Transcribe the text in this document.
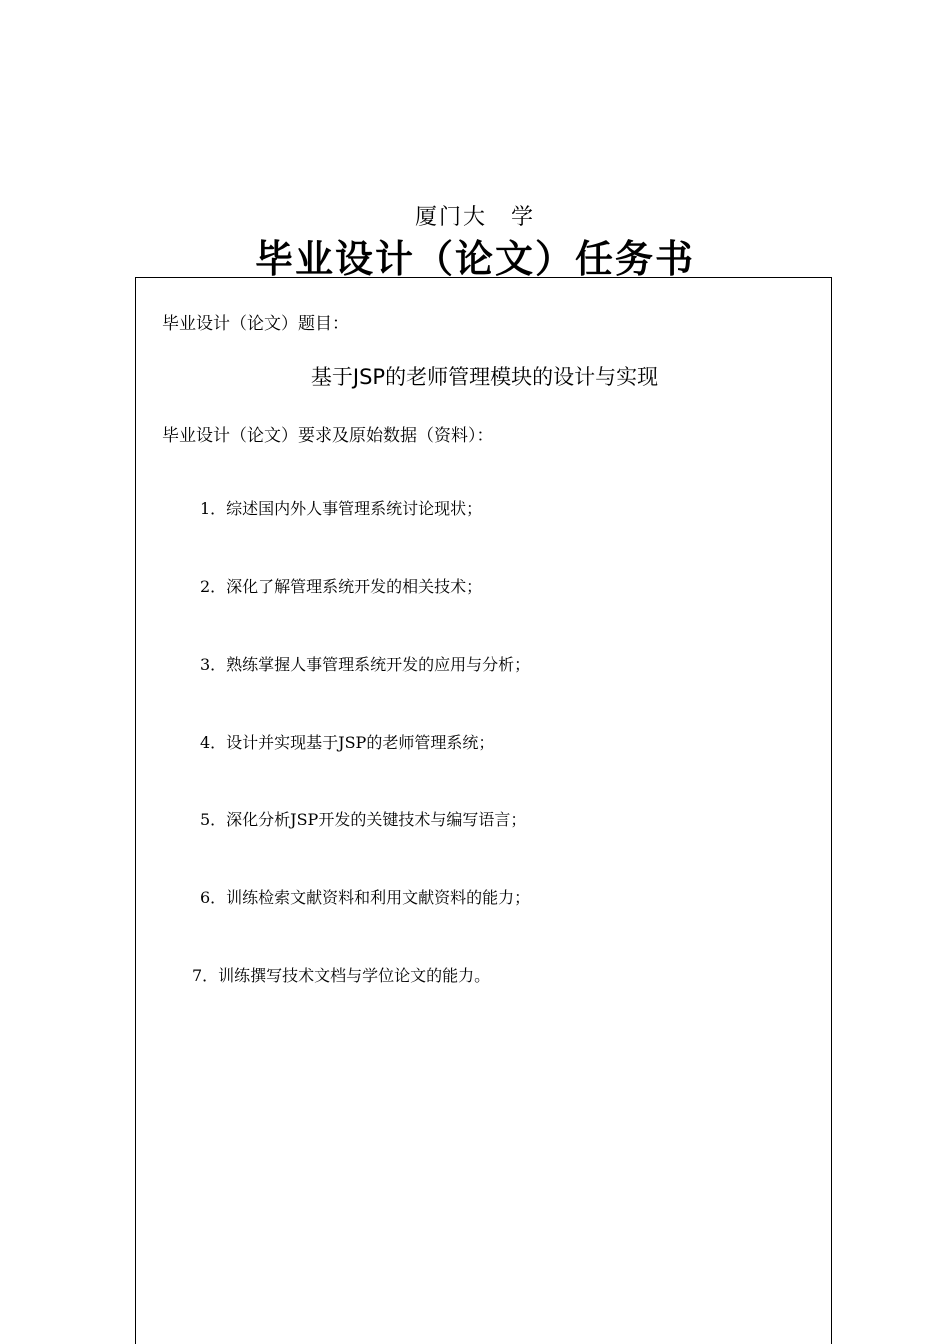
厦门大　学
毕业设计（论文）任务书
毕业设计（论文）题目：
基于JSP的老师管理模块的设计与实现
毕业设计（论文）要求及原始数据（资料）：
1．综述国内外人事管理系统讨论现状；
2．深化了解管理系统开发的相关技术；
3．熟练掌握人事管理系统开发的应用与分析；
4．设计并实现基于JSP的老师管理系统；
5．深化分析JSP开发的关键技术与编写语言；
6．训练检索文献资料和利用文献资料的能力；
7．训练撰写技术文档与学位论文的能力。
